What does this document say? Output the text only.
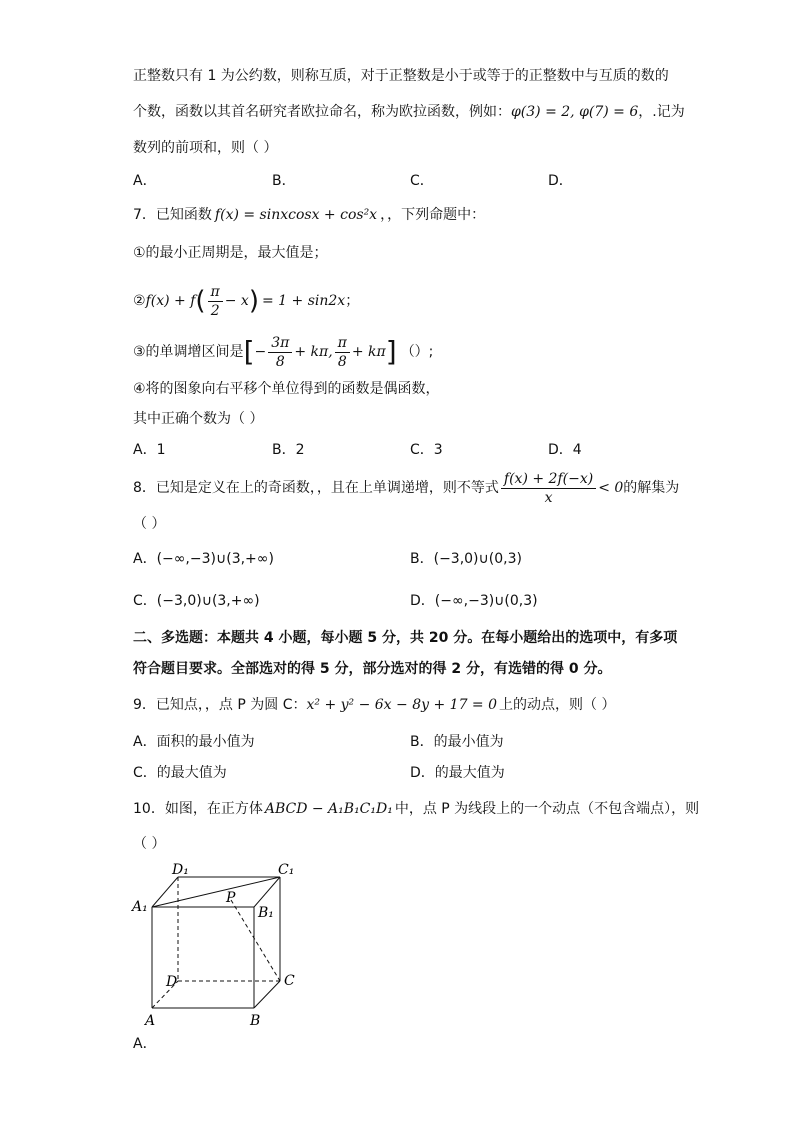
正整数只有 1 为公约数，则称互质，对于正整数是小于或等于的正整数中与互质的数的
个数，函数以其首名研究者欧拉命名，称为欧拉函数，例如：φ(3) = 2, φ(7) = 6，.记为
数列的前项和，则（ ）
A．	B．	C．	D．
7．已知函数 f(x) = sinxcosx + cos²x ，，下列命题中：
①的最小正周期是，最大值是；
②f(x) + $f( \frac{\pi}{2} - x) = 1 + \sin 2x$；
③的单调增区间是[− $\frac{3\pi}{8} + k\pi$, $\frac{\pi}{8} + k\pi$] （）;
④将的图象向右平移个单位得到的函数是偶函数，
其中正确个数为（ ）
A．1	B．2	C．3	D．4
8．已知是定义在上的奇函数，，且在上单调递增，则不等式 $\frac{f(x) + 2f(-x)}{x} < 0$的解集为
（ ）
A．(−∞,−3)∪(3,+∞)	B．(−3,0)∪(0,3)
C．(−3,0)∪(3,+∞)	D．(−∞,−3)∪(0,3)
二、多选题：本题共 4 小题，每小题 5 分，共 20 分。在每小题给出的选项中，有多项
符合题目要求。全部选对的得 5 分，部分选对的得 2 分，有选错的得 0 分。
9．已知点，，点 P 为圆 C：x² + y² − 6x − 8y + 17 = 0 上的动点，则（ ）
A．面积的最小值为	B．的最小值为
C．的最大值为	D．的最大值为
10．如图，在正方体 ABCD − A₁B₁C₁D₁ 中，点 P 为线段上的一个动点（不包含端点），则
（ ）
D₁	C₁
A₁
P
B₁
D	C
A	B
A．
